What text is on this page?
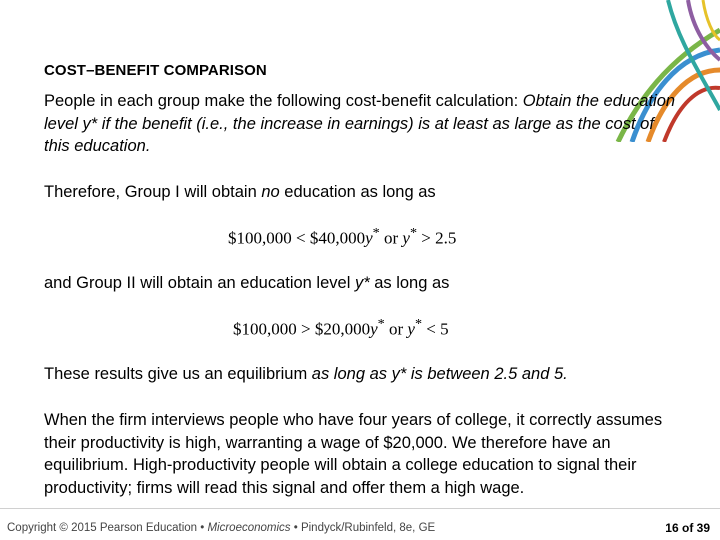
COST–BENEFIT COMPARISON
People in each group make the following cost-benefit calculation: Obtain the education level y* if the benefit (i.e., the increase in earnings) is at least as large as the cost of this education.
Therefore, Group I will obtain no education as long as
$100,000 < $40,000y* or y* > 2.5
and Group II will obtain an education level y* as long as
$100,000 > $20,000y* or y* < 5
These results give us an equilibrium as long as y* is between 2.5 and 5.
When the firm interviews people who have four years of college, it correctly assumes their productivity is high, warranting a wage of $20,000. We therefore have an equilibrium. High-productivity people will obtain a college education to signal their productivity; firms will read this signal and offer them a high wage.
Copyright © 2015 Pearson Education • Microeconomics • Pindyck/Rubinfeld, 8e, GE	16 of 39
